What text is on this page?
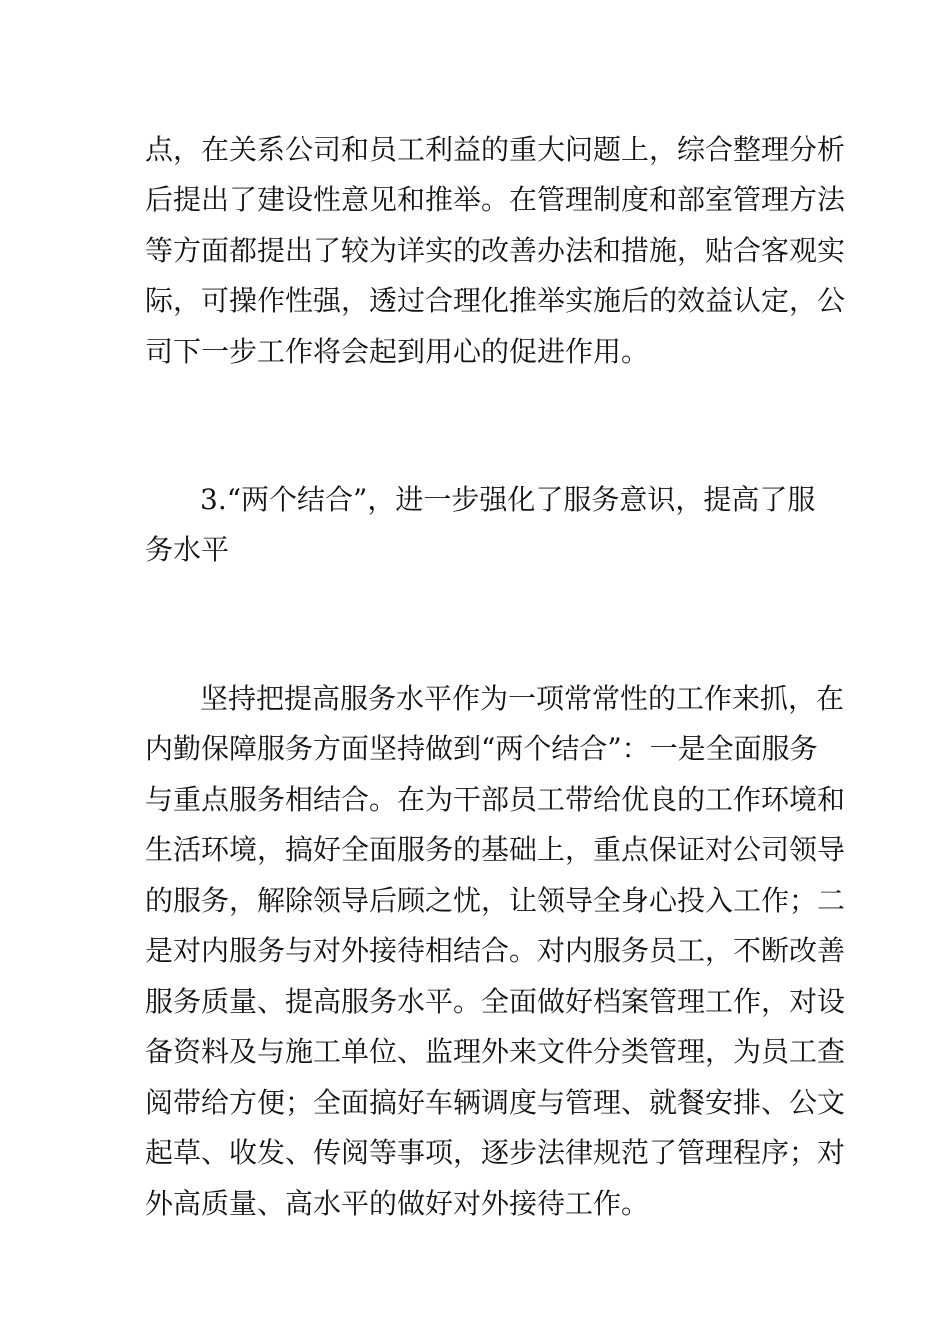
点，在关系公司和员工利益的重大问题上，综合整理分析
后提出了建设性意见和推举。在管理制度和部室管理方法
等方面都提出了较为详实的改善办法和措施，贴合客观实
际，可操作性强，透过合理化推举实施后的效益认定，公
司下一步工作将会起到用心的促进作用。
3.“两个结合”，进一步强化了服务意识，提高了服
务水平
坚持把提高服务水平作为一项常常性的工作来抓，在
内勤保障服务方面坚持做到“两个结合”：一是全面服务
与重点服务相结合。在为干部员工带给优良的工作环境和
生活环境，搞好全面服务的基础上，重点保证对公司领导
的服务，解除领导后顾之忧，让领导全身心投入工作；二
是对内服务与对外接待相结合。对内服务员工，不断改善
服务质量、提高服务水平。全面做好档案管理工作，对设
备资料及与施工单位、监理外来文件分类管理，为员工查
阅带给方便；全面搞好车辆调度与管理、就餐安排、公文
起草、收发、传阅等事项，逐步法律规范了管理程序；对
外高质量、高水平的做好对外接待工作。
